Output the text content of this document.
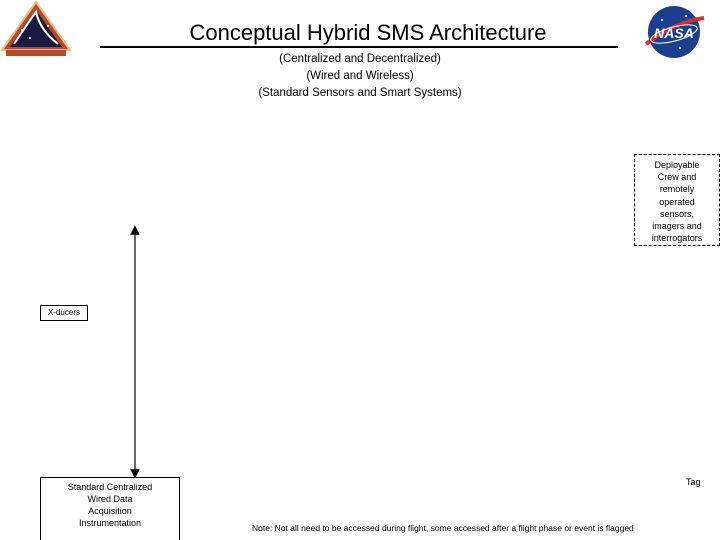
Conceptual Hybrid SMS Architecture
(Centralized and Decentralized)
(Wired and Wireless)
(Standard Sensors and Smart Systems)
NASA
Deployable
Crew and
remotely
operated
sensors,
imagers and
interrogators
X-ducers
Standard Centralized
Wired Data
Acquisition
Instrumentation
Tag
Note: Not all need to be accessed during flight, some accessed after a flight phase or event is flagged
